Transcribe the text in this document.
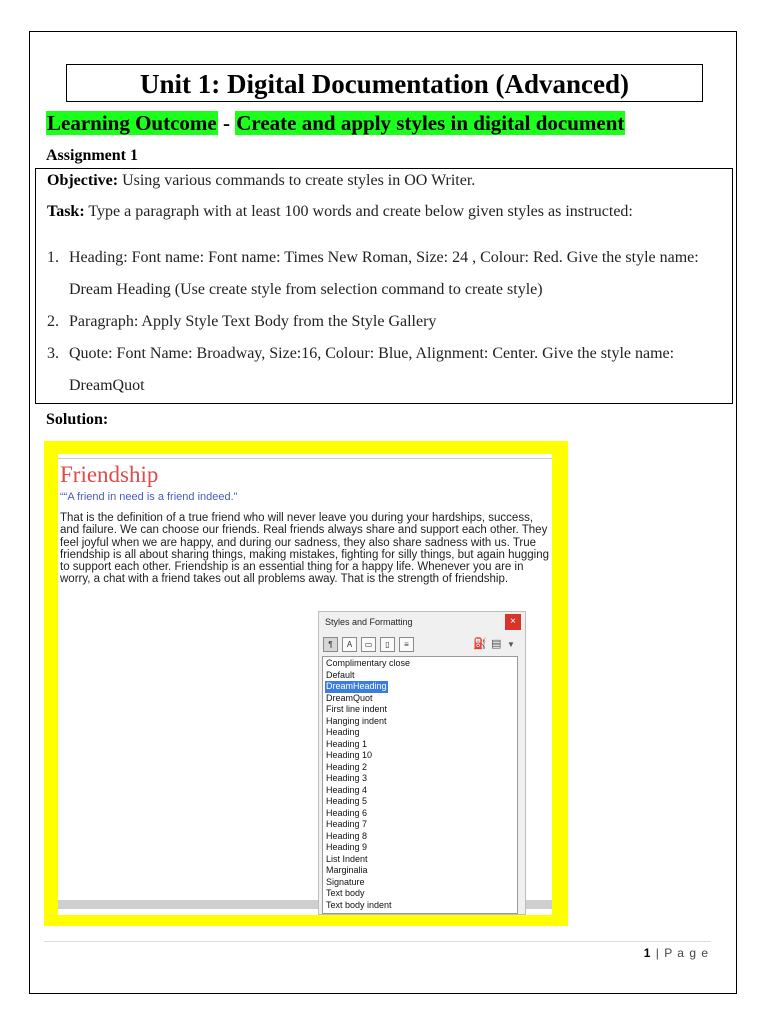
Unit 1: Digital Documentation (Advanced)
Learning Outcome - Create and apply styles in digital document
Assignment 1
Objective: Using various commands to create styles in OO Writer.
Task: Type a paragraph with at least 100 words and create below given styles as instructed:
1. Heading: Font name: Font name: Times New Roman, Size: 24 , Colour: Red. Give the style name: Dream Heading (Use create style from selection command to create style)
2. Paragraph: Apply Style Text Body from the Style Gallery
3. Quote: Font Name: Broadway, Size:16, Colour: Blue, Alignment: Center. Give the style name: DreamQuot
Solution:
Friendship
““A friend in need is a friend indeed."
That is the definition of a true friend who will never leave you during your hardships, success, and failure. We can choose our friends. Real friends always share and support each other. They feel joyful when we are happy, and during our sadness, they also share sadness with us. True friendship is all about sharing things, making mistakes, fighting for silly things, but again hugging to support each other. Friendship is an essential thing for a happy life. Whenever you are in worry, a chat with a friend takes out all problems away. That is the strength of friendship.
Styles and Formatting	×
¶	A	▭	▯	≡	⛽ ▤ ▼
Complimentary close
Default
DreamHeading
DreamQuot
First line indent
Hanging indent
Heading
Heading 1
Heading 10
Heading 2
Heading 3
Heading 4
Heading 5
Heading 6
Heading 7
Heading 8
Heading 9
List Indent
Marginalia
Signature
Text body
Text body indent
1 | P a g e
